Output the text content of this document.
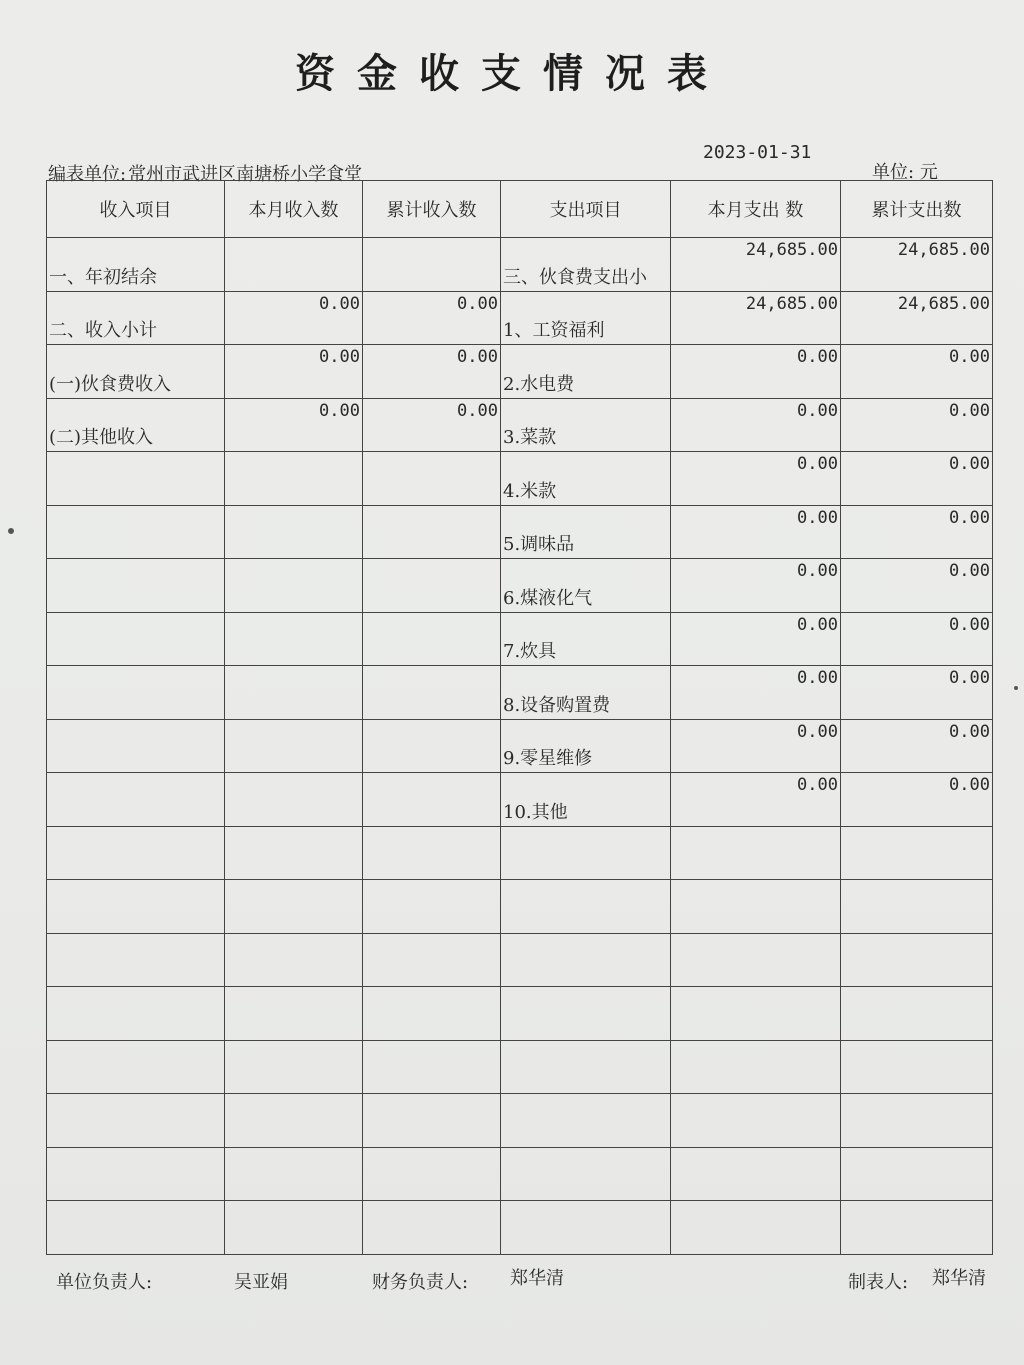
资金收支情况表
2023-01-31
编表单位: 常州市武进区南塘桥小学食堂	单位: 元
收入项目	本月收入数	累计收入数	支出项目	本月支出 数	累计支出数

一、年初结余			三、伙食费支出小	24,685.00	24,685.00

二、收入小计	0.00	0.00	1、工资福利	24,685.00	24,685.00

(一)伙食费收入	0.00	0.00	2.水电费	0.00	0.00

(二)其他收入	0.00	0.00	3.菜款	0.00	0.00

			4.米款	0.00	0.00

			5.调味品	0.00	0.00

			6.煤液化气	0.00	0.00

			7.炊具	0.00	0.00

			8.设备购置费	0.00	0.00

			9.零星维修	0.00	0.00

			10.其他	0.00	0.00

单位负责人:	吴亚娟	财务负责人: 郑华清	制表人: 郑华清
